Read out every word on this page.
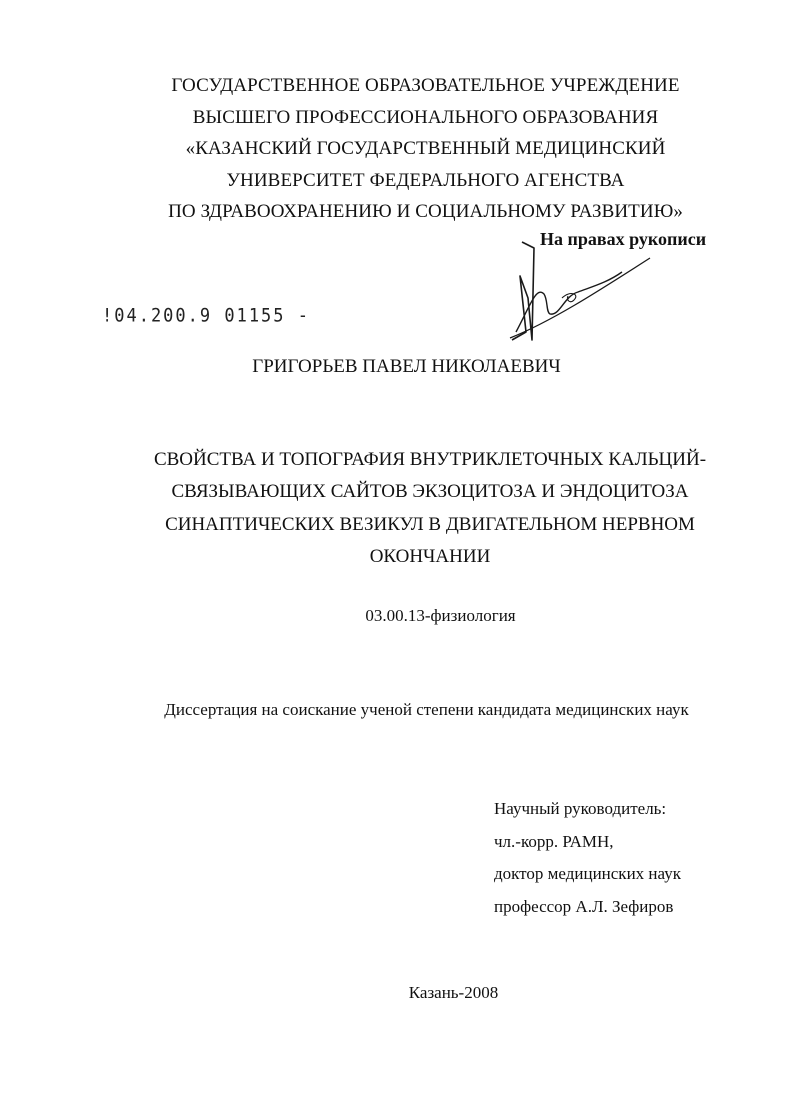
ГОСУДАРСТВЕННОЕ ОБРАЗОВАТЕЛЬНОЕ УЧРЕЖДЕНИЕ
ВЫСШЕГО ПРОФЕССИОНАЛЬНОГО ОБРАЗОВАНИЯ
«КАЗАНСКИЙ ГОСУДАРСТВЕННЫЙ МЕДИЦИНСКИЙ
УНИВЕРСИТЕТ ФЕДЕРАЛЬНОГО АГЕНСТВА
ПО ЗДРАВООХРАНЕНИЮ И СОЦИАЛЬНОМУ РАЗВИТИЮ»
На правах рукописи
!04.200.9 01155 -
ГРИГОРЬЕВ ПАВЕЛ НИКОЛАЕВИЧ
СВОЙСТВА И ТОПОГРАФИЯ ВНУТРИКЛЕТОЧНЫХ КАЛЬЦИЙ-
СВЯЗЫВАЮЩИХ САЙТОВ ЭКЗОЦИТОЗА И ЭНДОЦИТОЗА
СИНАПТИЧЕСКИХ ВЕЗИКУЛ В ДВИГАТЕЛЬНОМ НЕРВНОМ
ОКОНЧАНИИ
03.00.13-физиология
Диссертация на соискание ученой степени кандидата медицинских наук
Научный руководитель:
чл.-корр. РАМН,
доктор медицинских наук
профессор А.Л. Зефиров
Казань-2008
